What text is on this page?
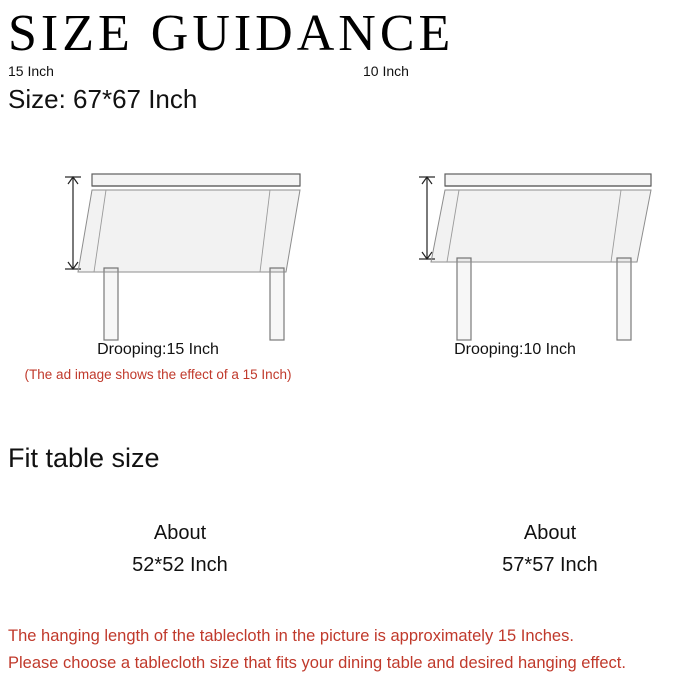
SIZE GUIDANCE
Size: 67*67 Inch
15 Inch
Drooping:15 Inch
(The ad image shows the effect of a 15 Inch)
10 Inch
Drooping:10 Inch
Fit table size
About
52*52 Inch
About
57*57 Inch
The hanging length of the tablecloth in the picture is approximately 15 Inches.
Please choose a tablecloth size that fits your dining table and desired hanging effect.
